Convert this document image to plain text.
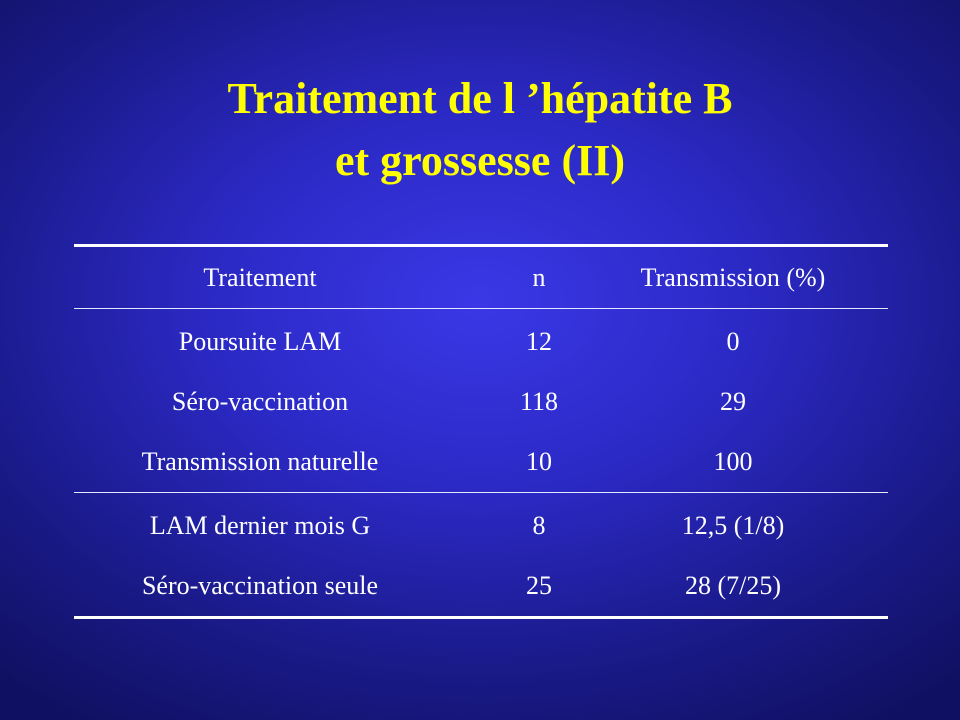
Traitement de l ’hépatite B
et grossesse (II)
Traitement	n	Transmission (%)
Poursuite LAM	12	0
Séro-vaccination	118	29
Transmission naturelle	10	100
LAM dernier mois G	8	12,5 (1/8)
Séro-vaccination seule	25	28 (7/25)
